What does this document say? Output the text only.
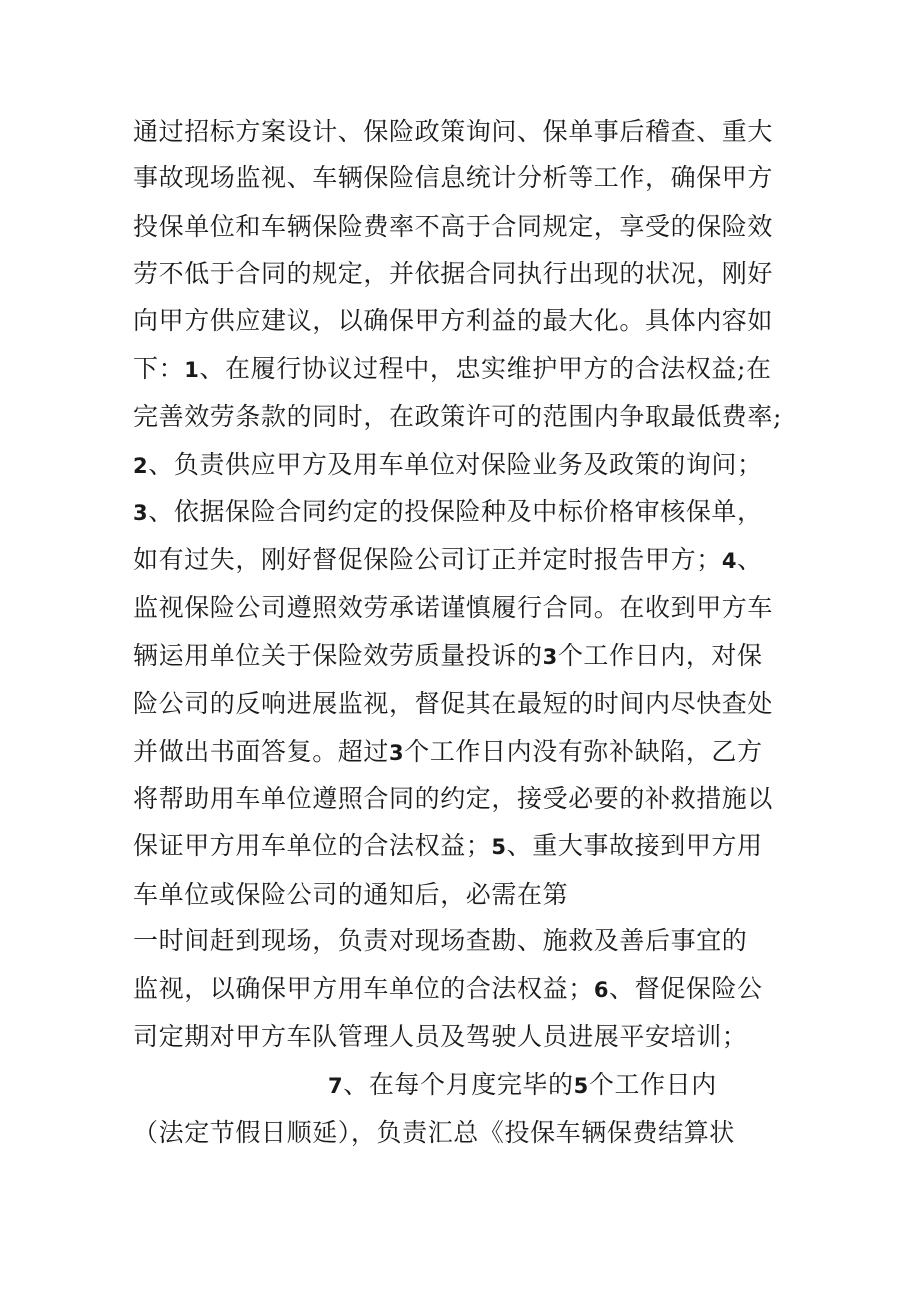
通过招标方案设计、保险政策询问、保单事后稽查、重大
事故现场监视、车辆保险信息统计分析等工作，确保甲方
投保单位和车辆保险费率不高于合同规定，享受的保险效
劳不低于合同的规定，并依据合同执行出现的状况，刚好
向甲方供应建议，以确保甲方利益的最大化。具体内容如
下：1、在履行协议过程中，忠实维护甲方的合法权益;在
完善效劳条款的同时，在政策许可的范围内争取最低费率;
2、负责供应甲方及用车单位对保险业务及政策的询问；
3、依据保险合同约定的投保险种及中标价格审核保单，
如有过失，刚好督促保险公司订正并定时报告甲方；4、
监视保险公司遵照效劳承诺谨慎履行合同。在收到甲方车
辆运用单位关于保险效劳质量投诉的3个工作日内，对保
险公司的反响进展监视，督促其在最短的时间内尽快查处
并做出书面答复。超过3个工作日内没有弥补缺陷，乙方
将帮助用车单位遵照合同的约定，接受必要的补救措施以
保证甲方用车单位的合法权益；5、重大事故接到甲方用
车单位或保险公司的通知后，必需在第
一时间赶到现场，负责对现场查勘、施救及善后事宜的
监视，以确保甲方用车单位的合法权益；6、督促保险公
司定期对甲方车队管理人员及驾驶人员进展平安培训；
7、在每个月度完毕的5个工作日内
（法定节假日顺延），负责汇总《投保车辆保费结算状
